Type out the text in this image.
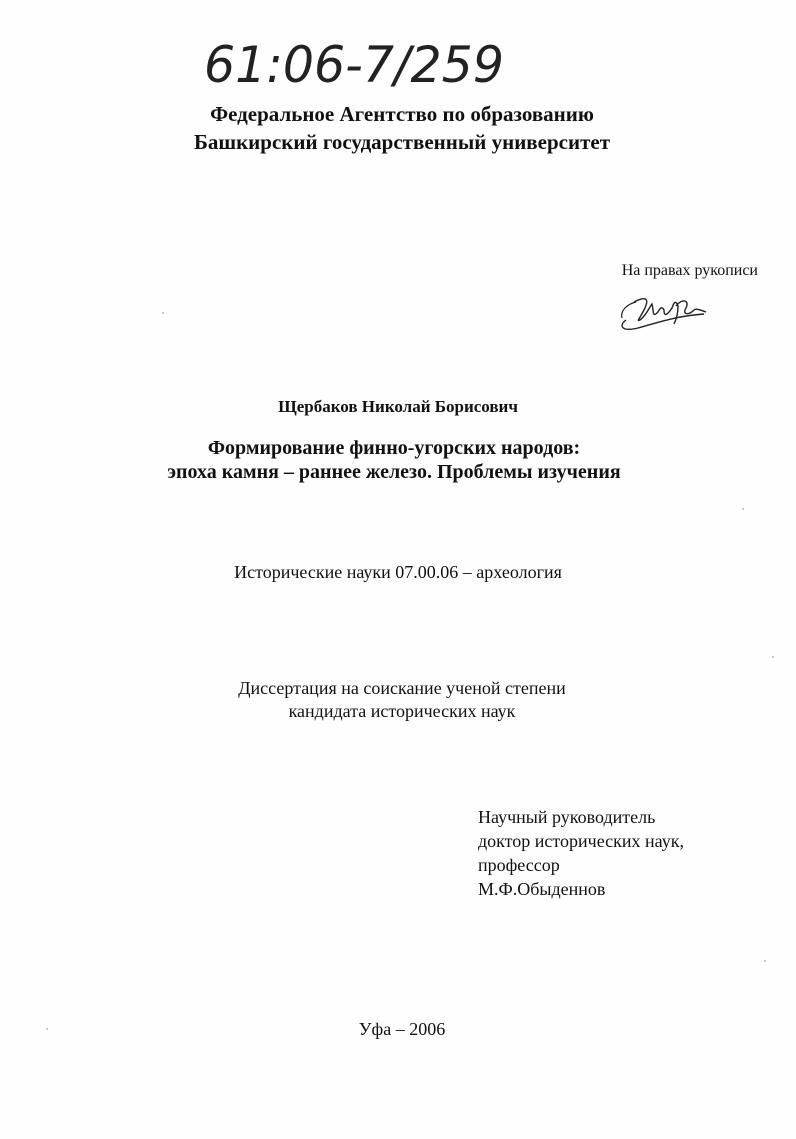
61:06-7/259
Федеральное Агентство по образованию
Башкирский государственный университет
На правах рукописи
Щербаков Николай Борисович
Формирование финно-угорских народов:
эпоха камня – раннее железо. Проблемы изучения
Исторические науки 07.00.06 – археология
Диссертация на соискание ученой степени
кандидата исторических наук
Научный руководитель
доктор исторических наук,
профессор
М.Ф.Обыденнов
Уфа – 2006
